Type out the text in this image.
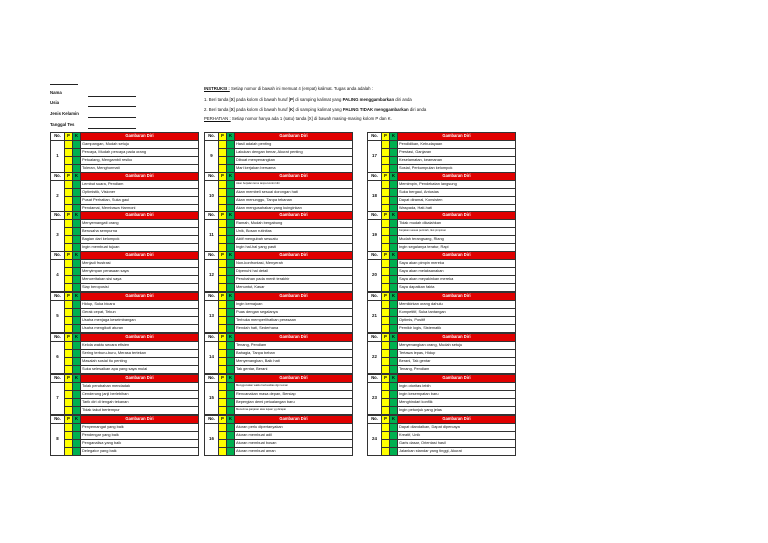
Nama
Usia
Jenis Kelamin
Tanggal Tes
INSTRUKSI : Setiap nomor di bawah ini memuat 4 (empat) kalimat. Tugas anda adalah :
1. Beri tanda [X] pada kolom di bawah huruf [P] di samping kalimat yang PALING menggambarkan diri anda
2. Beri tanda [X] pada kolom di bawah huruf [K] di samping kalimat yang PALING TIDAK menggambarkan diri anda
PERHATIAN : Setiap nomor hanya ada 1 (satu) tanda [X] di bawah masing-masing kolom P dan K.
No.	P	K	Gambaran Diri
1			Gampangan, Mudah setuju
			Percaya, Mudah percaya pada orang
			Petualang, Mengambil resiko
			Toleran, Menghormati
No.	P	K	Gambaran Diri
2			Lembut suara, Pendiam
			Optimistik, Visioner
			Pusat Perhatian, Suka gaul
			Pendamai, Membawa Harmoni
No.	P	K	Gambaran Diri
3			Menyemangati orang
			Berusaha sempurna
			Bagian dari kelompok
			Ingin membuat tujuan
No.	P	K	Gambaran Diri
4			Menjadi frustrasi
			Menyimpan perasaan saya
			Menceritakan sisi saya
			Siap beroposisi
No.	P	K	Gambaran Diri
5			Hidup, Suka bicara
			Gerak cepat, Tekun
			Usaha menjaga keseimbangan
			Usaha mengikuti aturan
No.	P	K	Gambaran Diri
6			Kelola waktu secara efisien
			Sering terburu-buru, Merasa tertekan
			Masalah sosial itu penting
			Suka selesaikan apa yang saya mulai
No.	P	K	Gambaran Diri
7			Tolak perubahan mendadak
			Cenderung janji berlebihan
			Tarik diri di tengah tekanan
			Tidak takut bertempur
No.	P	K	Gambaran Diri
8			Penyemangat yang baik
			Pendengar yang baik
			Penganalisa yang baik
			Delegator yang baik
No.	P	K	Gambaran Diri
9			Hasil adalah penting
			Lakukan dengan benar, Akurat penting
			Dibuat menyenangkan
			Mari kerjakan bersama
No.	P	K	Gambaran Diri
10			Akan berjalan terus tanpa kontrol diri
			Akan membeli sesuai dorongan hati
			Akan menunggu, Tanpa tekanan
			Akan mengusahakan yang kuinginkan
No.	P	K	Gambaran Diri
11			Ramah, Mudah bergabung
			Unik, Bosan rutinitas
			Aktif mengubah sesuatu
			Ingin hal-hal yang pasti
No.	P	K	Gambaran Diri
12			Non-konfrontasi, Menyerah
			Dipenuhi hal detail
			Perubahan pada menit terakhir
			Menuntut, Kasar
No.	P	K	Gambaran Diri
13			Ingin kemajuan
			Puas dengan segalanya
			Terbuka memperlihatkan perasaan
			Rendah hati, Sederhana
No.	P	K	Gambaran Diri
14			Tenang, Pendiam
			Bahagia, Tanpa beban
			Menyenangkan, Baik hati
			Tak gentar, Berani
No.	P	K	Gambaran Diri
15			Menggunakan waktu berkualitas dgn teman
			Rencanakan masa depan, Bersiap
			Bepergian demi petualangan baru
			Menerima ganjaran atas tujuan yg dicapai
No.	P	K	Gambaran Diri
16			Aturan perlu dipertanyakan
			Aturan membuat adil
			Aturan membuat bosan
			Aturan membuat aman
No.	P	K	Gambaran Diri
17			Pendidikan, Kebudayaan
			Prestasi, Ganjaran
			Keselamatan, keamanan
			Sosial, Perkumpulan kelompok
No.	P	K	Gambaran Diri
18			Memimpin, Pendekatan langsung
			Suka bergaul, Antusias
			Dapat diramal, Konsisten
			Waspada, Hati-hati
No.	P	K	Gambaran Diri
19			Tidak mudah dikalahkan
			Kerjakan sesuai perintah, Ikut pimpinan
			Mudah terangsang, Riang
			Ingin segalanya teratur, Rapi
No.	P	K	Gambaran Diri
20			Saya akan pimpin mereka
			Saya akan melaksanakan
			Saya akan meyakinkan mereka
			Saya dapatkan fakta
No.	P	K	Gambaran Diri
21			Memikirkan orang dahulu
			Kompetitif, Suka tantangan
			Optimis, Positif
			Pemikir logis, Sistematik
No.	P	K	Gambaran Diri
22			Menyenangkan orang, Mudah setuju
			Tertawa lepas, Hidup
			Berani, Tak gentar
			Tenang, Pendiam
No.	P	K	Gambaran Diri
23			Ingin otoritas lebih
			Ingin kesempatan baru
			Menghindari konflik
			Ingin petunjuk yang jelas
No.	P	K	Gambaran Diri
24			Dapat diandalkan, Dapat dipercaya
			Kreatif, Unik
			Garis dasar, Orientasi hasil
			Jalankan standar yang tinggi, Akurat
